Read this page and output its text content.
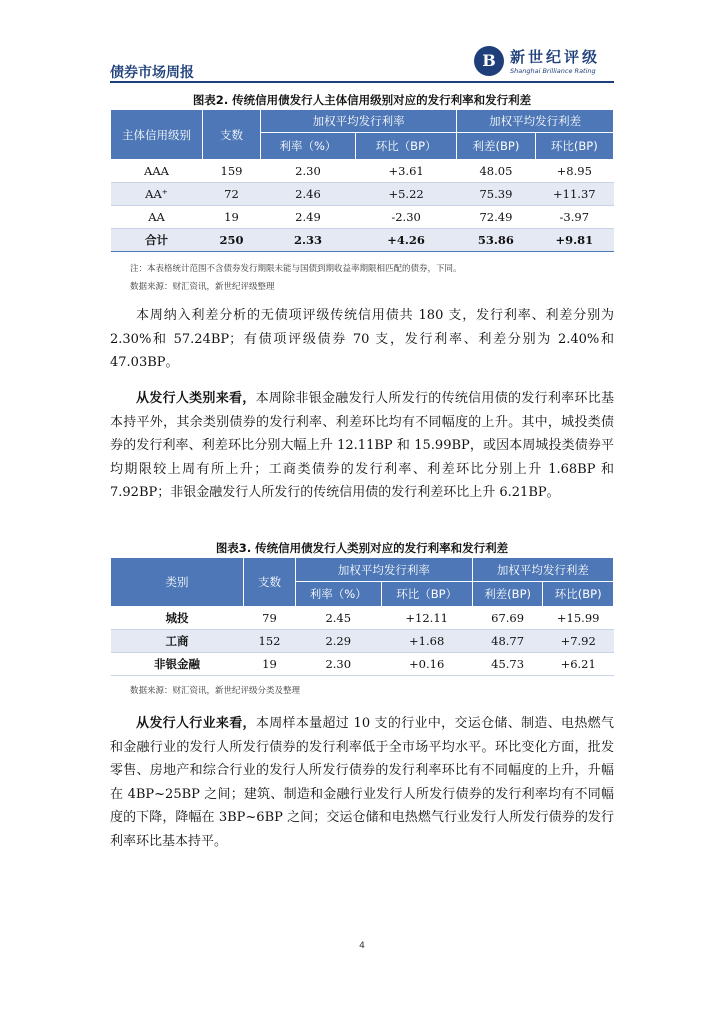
债券市场周报
B 新世纪评级
Shanghai Brilliance Rating
图表2. 传统信用债发行人主体信用级别对应的发行利率和发行利差
主体信用级别	支数	加权平均发行利率		加权平均发行利差	
		利率（%）	环比（BP）	利差(BP)	环比(BP)
AAA	159	2.30	+3.61	48.05	+8.95
AA⁺	72	2.46	+5.22	75.39	+11.37
AA	19	2.49	-2.30	72.49	-3.97
合计	250	2.33	+4.26	53.86	+9.81
注：本表格统计范围不含债券发行期限未能与国债到期收益率期限相匹配的债券，下同。
数据来源：财汇资讯，新世纪评级整理
本周纳入利差分析的无债项评级传统信用债共 180 支，发行利率、利差分别为 2.30%和 57.24BP；有债项评级债券 70 支，发行利率、利差分别为 2.40%和 47.03BP。
从发行人类别来看，本周除非银金融发行人所发行的传统信用债的发行利率环比基本持平外，其余类别债券的发行利率、利差环比均有不同幅度的上升。其中，城投类债券的发行利率、利差环比分别大幅上升 12.11BP 和 15.99BP，或因本周城投类债券平均期限较上周有所上升；工商类债券的发行利率、利差环比分别上升 1.68BP 和 7.92BP；非银金融发行人所发行的传统信用债的发行利差环比上升 6.21BP。
图表3. 传统信用债发行人类别对应的发行利率和发行利差
类别	支数	加权平均发行利率		加权平均发行利差	
		利率（%）	环比（BP）	利差(BP)	环比(BP)
城投	79	2.45	+12.11	67.69	+15.99
工商	152	2.29	+1.68	48.77	+7.92
非银金融	19	2.30	+0.16	45.73	+6.21
数据来源：财汇资讯，新世纪评级分类及整理
从发行人行业来看，本周样本量超过 10 支的行业中，交运仓储、制造、电热燃气和金融行业的发行人所发行债券的发行利率低于全市场平均水平。环比变化方面，批发零售、房地产和综合行业的发行人所发行债券的发行利率环比有不同幅度的上升，升幅在 4BP~25BP 之间；建筑、制造和金融行业发行人所发行债券的发行利率均有不同幅度的下降，降幅在 3BP~6BP 之间；交运仓储和电热燃气行业发行人所发行债券的发行利率环比基本持平。
4
